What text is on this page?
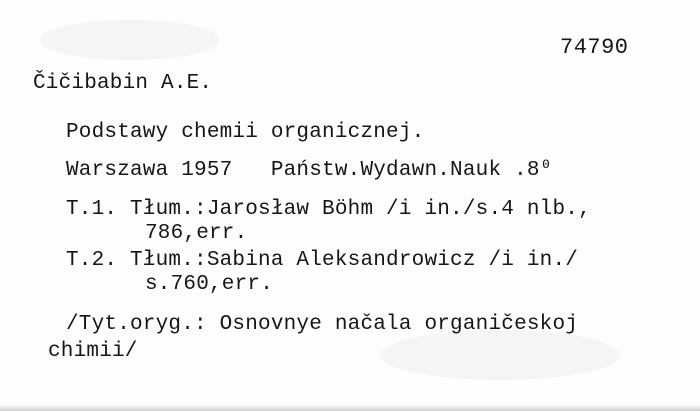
74790
Čičibabin A.E.
Podstawy chemii organicznej.
Warszawa 1957   Państw.Wydawn.Nauk .8⁰
T.1. Tłum.:Jarosław Böhm /i in./s.4 nlb.,
786,err.
T.2. Tłum.:Sabina Aleksandrowicz /i in./
s.760,err.
/Tyt.oryg.: Osnovnye načala organičeskoj
chimii/
